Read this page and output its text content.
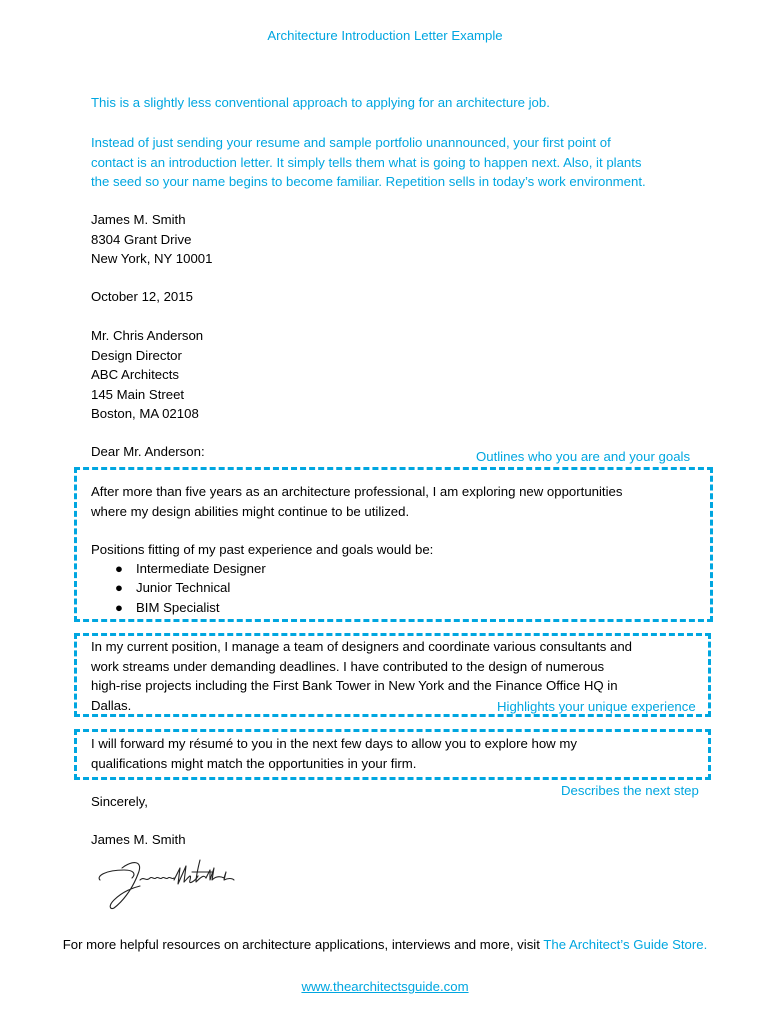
Architecture Introduction Letter Example
This is a slightly less conventional approach to applying for an architecture job.
Instead of just sending your resume and sample portfolio unannounced, your first point of
contact is an introduction letter. It simply tells them what is going to happen next. Also, it plants
the seed so your name begins to become familiar. Repetition sells in today’s work environment.
James M. Smith
8304 Grant Drive
New York, NY 10001
October 12, 2015
Mr. Chris Anderson
Design Director
ABC Architects
145 Main Street
Boston, MA 02108
Dear Mr. Anderson:	Outlines who you are and your goals
After more than five years as an architecture professional, I am exploring new opportunities
where my design abilities might continue to be utilized.
Positions fitting of my past experience and goals would be:
● Intermediate Designer
● Junior Technical
● BIM Specialist
In my current position, I manage a team of designers and coordinate various consultants and
work streams under demanding deadlines. I have contributed to the design of numerous
high-rise projects including the First Bank Tower in New York and the Finance Office HQ in
Dallas.	Highlights your unique experience
I will forward my résumé to you in the next few days to allow you to explore how my
qualifications might match the opportunities in your firm.
Describes the next step
Sincerely,
James M. Smith
For more helpful resources on architecture applications, interviews and more, visit The Architect’s Guide Store.
www.thearchitectsguide.com
